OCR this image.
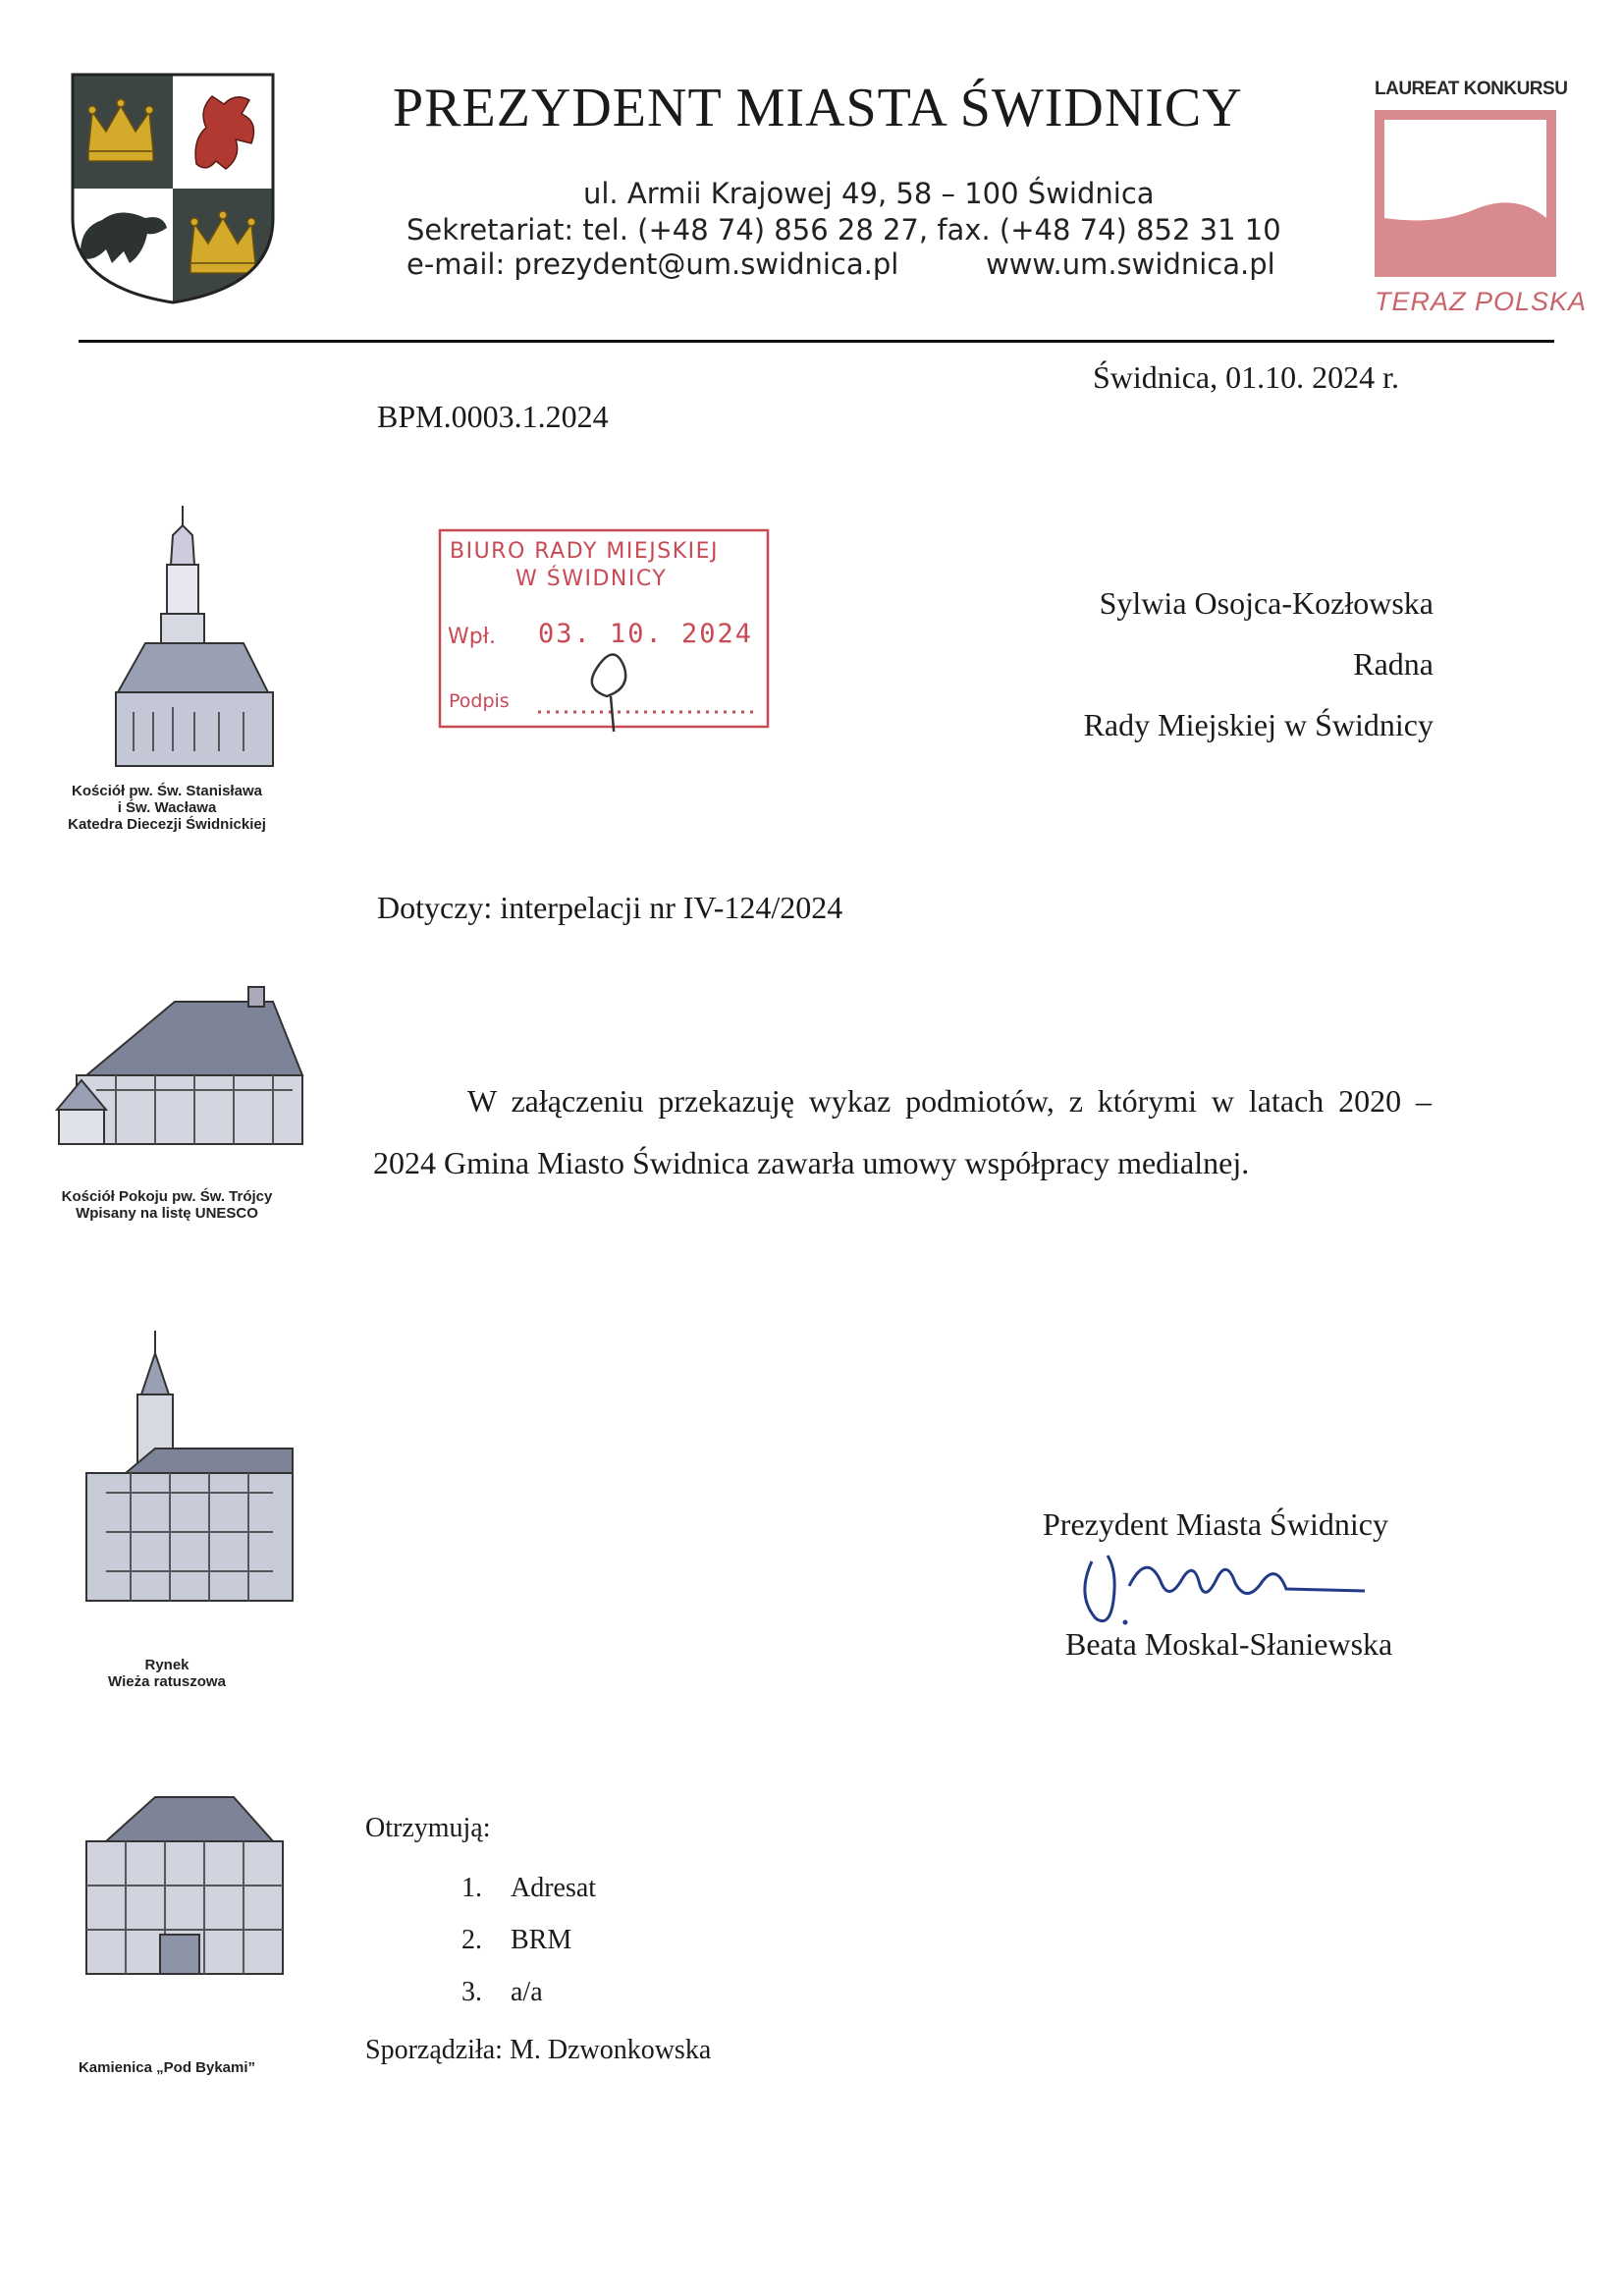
PREZYDENT MIASTA ŚWIDNICY
ul. Armii Krajowej 49, 58 – 100 Świdnica
Sekretariat: tel. (+48 74) 856 28 27, fax. (+48 74) 852 31 10
e-mail: prezydent@um.swidnica.pl	www.um.swidnica.pl
LAUREAT KONKURSU
TERAZ POLSKA
Kościół pw. Św. Stanisława
i Św. Wacława
Katedra Diecezji Świdnickiej
Kościół Pokoju pw. Św. Trójcy
Wpisany na listę UNESCO
Rynek
Wieża ratuszowa
Kamienica „Pod Bykami”
Świdnica, 01.10. 2024 r.
BPM.0003.1.2024
BIURO RADY MIEJSKIEJ
W ŚWIDNICY
Wpł. 03. 10. 2024
Podpis
Sylwia Osojca-Kozłowska
Radna
Rady Miejskiej w Świdnicy
Dotyczy: interpelacji nr IV-124/2024
W załączeniu przekazuję wykaz podmiotów, z którymi w latach 2020 – 2024 Gmina Miasto Świdnica zawarła umowy współpracy medialnej.
Prezydent Miasta Świdnicy
Beata Moskal-Słaniewska
Otrzymują:
1. Adresat
2. BRM
3. a/a
Sporządziła: M. Dzwonkowska
